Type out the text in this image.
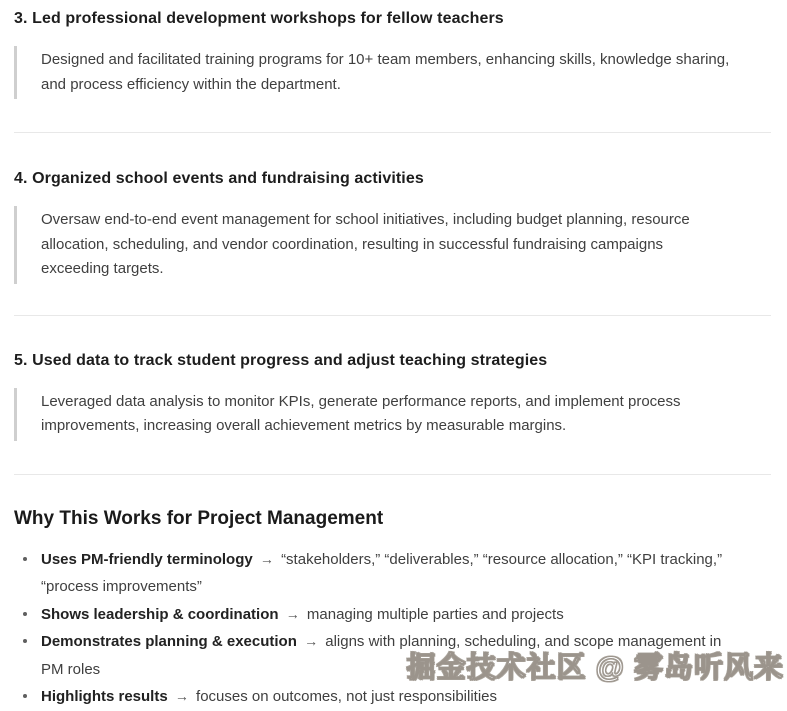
3. Led professional development workshops for fellow teachers
Designed and facilitated training programs for 10+ team members, enhancing skills, knowledge sharing, and process efficiency within the department.
4. Organized school events and fundraising activities
Oversaw end-to-end event management for school initiatives, including budget planning, resource allocation, scheduling, and vendor coordination, resulting in successful fundraising campaigns exceeding targets.
5. Used data to track student progress and adjust teaching strategies
Leveraged data analysis to monitor KPIs, generate performance reports, and implement process improvements, increasing overall achievement metrics by measurable margins.
Why This Works for Project Management
Uses PM-friendly terminology → “stakeholders,” “deliverables,” “resource allocation,” “KPI tracking,” “process improvements”
Shows leadership & coordination → managing multiple parties and projects
Demonstrates planning & execution → aligns with planning, scheduling, and scope management in PM roles
Highlights results → focuses on outcomes, not just responsibilities
掘金技术社区 @ 雾岛听风来
